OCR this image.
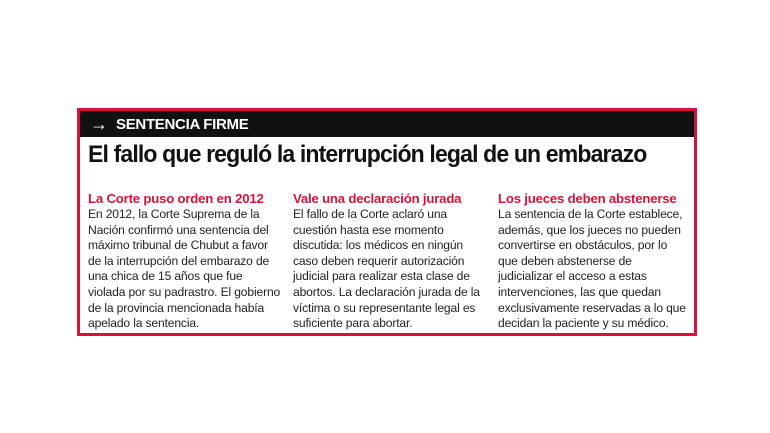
→ SENTENCIA FIRME
El fallo que reguló la interrupción legal de un embarazo
La Corte puso orden en 2012
En 2012, la Corte Suprema de la Nación confirmó una sentencia del máximo tribunal de Chubut a favor de la interrupción del embarazo de una chica de 15 años que fue violada por su padrastro. El gobierno de la provincia mencionada había apelado la sentencia.
Vale una declaración jurada
El fallo de la Corte aclaró una cuestión hasta ese momento discutida: los médicos en ningún caso deben requerir autorización judicial para realizar esta clase de abortos. La declaración jurada de la víctima o su representante legal es suficiente para abortar.
Los jueces deben abstenerse
La sentencia de la Corte establece, además, que los jueces no pueden convertirse en obstáculos, por lo que deben abstenerse de judicializar el acceso a estas intervenciones, las que quedan exclusivamente reservadas a lo que decidan la paciente y su médico.
